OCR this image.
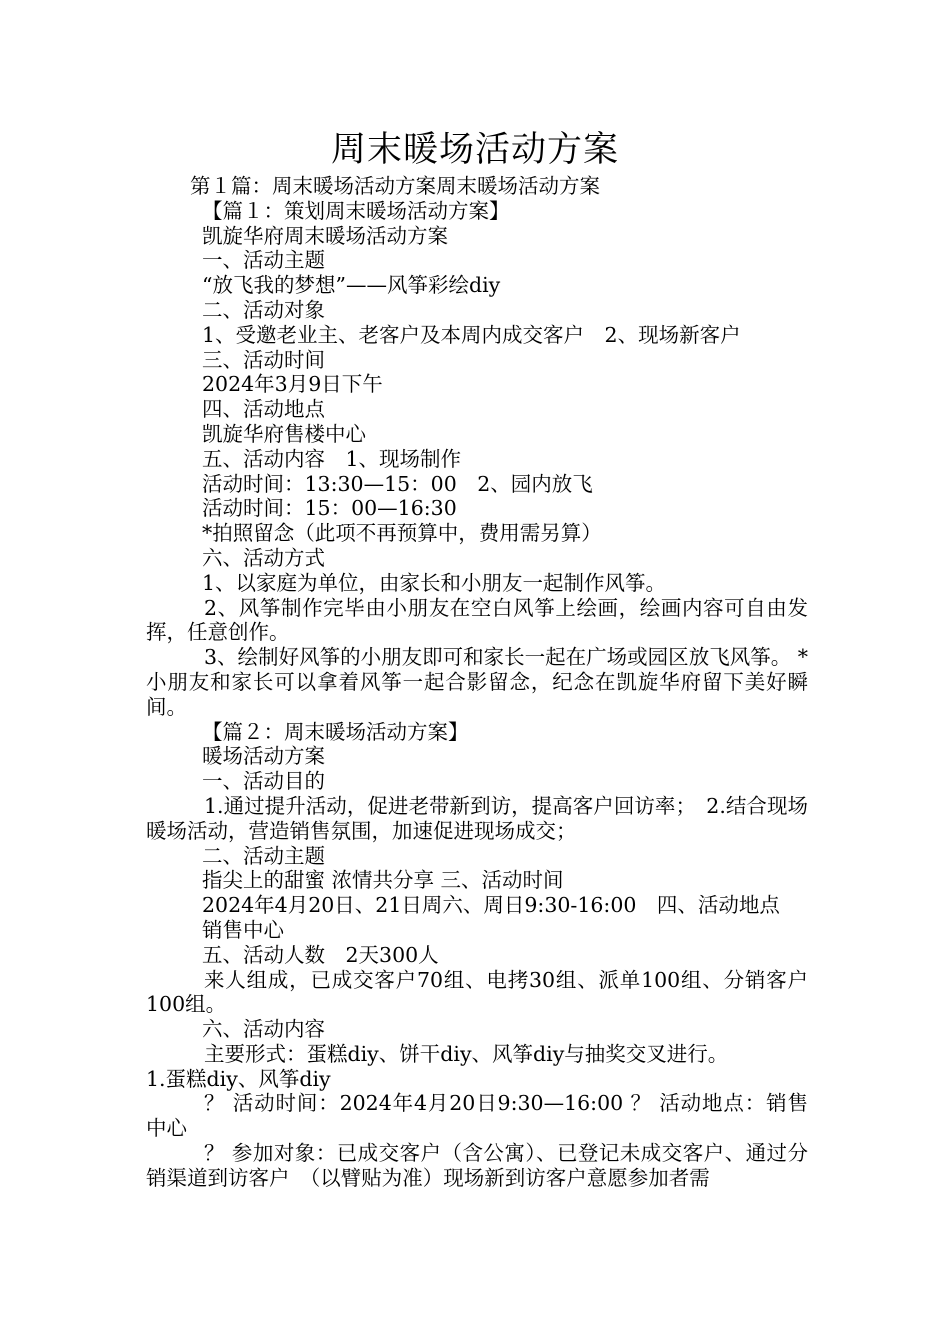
周末暖场活动方案
第１篇：周末暖场活动方案周末暖场活动方案
【篇１：策划周末暖场活动方案】
凯旋华府周末暖场活动方案
一、活动主题
“放飞我的梦想”——风筝彩绘diy
二、活动对象
1、受邀老业主、老客户及本周内成交客户　2、现场新客户
三、活动时间
2024年3月9日下午
四、活动地点
凯旋华府售楼中心
五、活动内容　1、现场制作
活动时间：13:30—15：00　2、园内放飞
活动时间：15：00—16:30
*拍照留念（此项不再预算中，费用需另算）
六、活动方式
1、以家庭为单位，由家长和小朋友一起制作风筝。
2、风筝制作完毕由小朋友在空白风筝上绘画，绘画内容可自由发挥，任意创作。
3、绘制好风筝的小朋友即可和家长一起在广场或园区放飞风筝。 *小朋友和家长可以拿着风筝一起合影留念，纪念在凯旋华府留下美好瞬间。
【篇２：周末暖场活动方案】
暖场活动方案
一、活动目的
1.通过提升活动，促进老带新到访，提高客户回访率；　2.结合现场暖场活动，营造销售氛围，加速促进现场成交；
二、活动主题
指尖上的甜蜜 浓情共分享 三、活动时间
2024年4月20日、21日周六、周日9:30-16:00　四、活动地点
销售中心
五、活动人数　2天300人
来人组成，已成交客户70组、电拷30组、派单100组、分销客户100组。
六、活动内容
主要形式：蛋糕diy、饼干diy、风筝diy与抽奖交叉进行。
1.蛋糕diy、风筝diy
？ 活动时间：2024年4月20日9:30—16:00 ？ 活动地点：销售中心
？ 参加对象：已成交客户（含公寓）、已登记未成交客户、通过分销渠道到访客户　（以臂贴为准）现场新到访客户意愿参加者需
